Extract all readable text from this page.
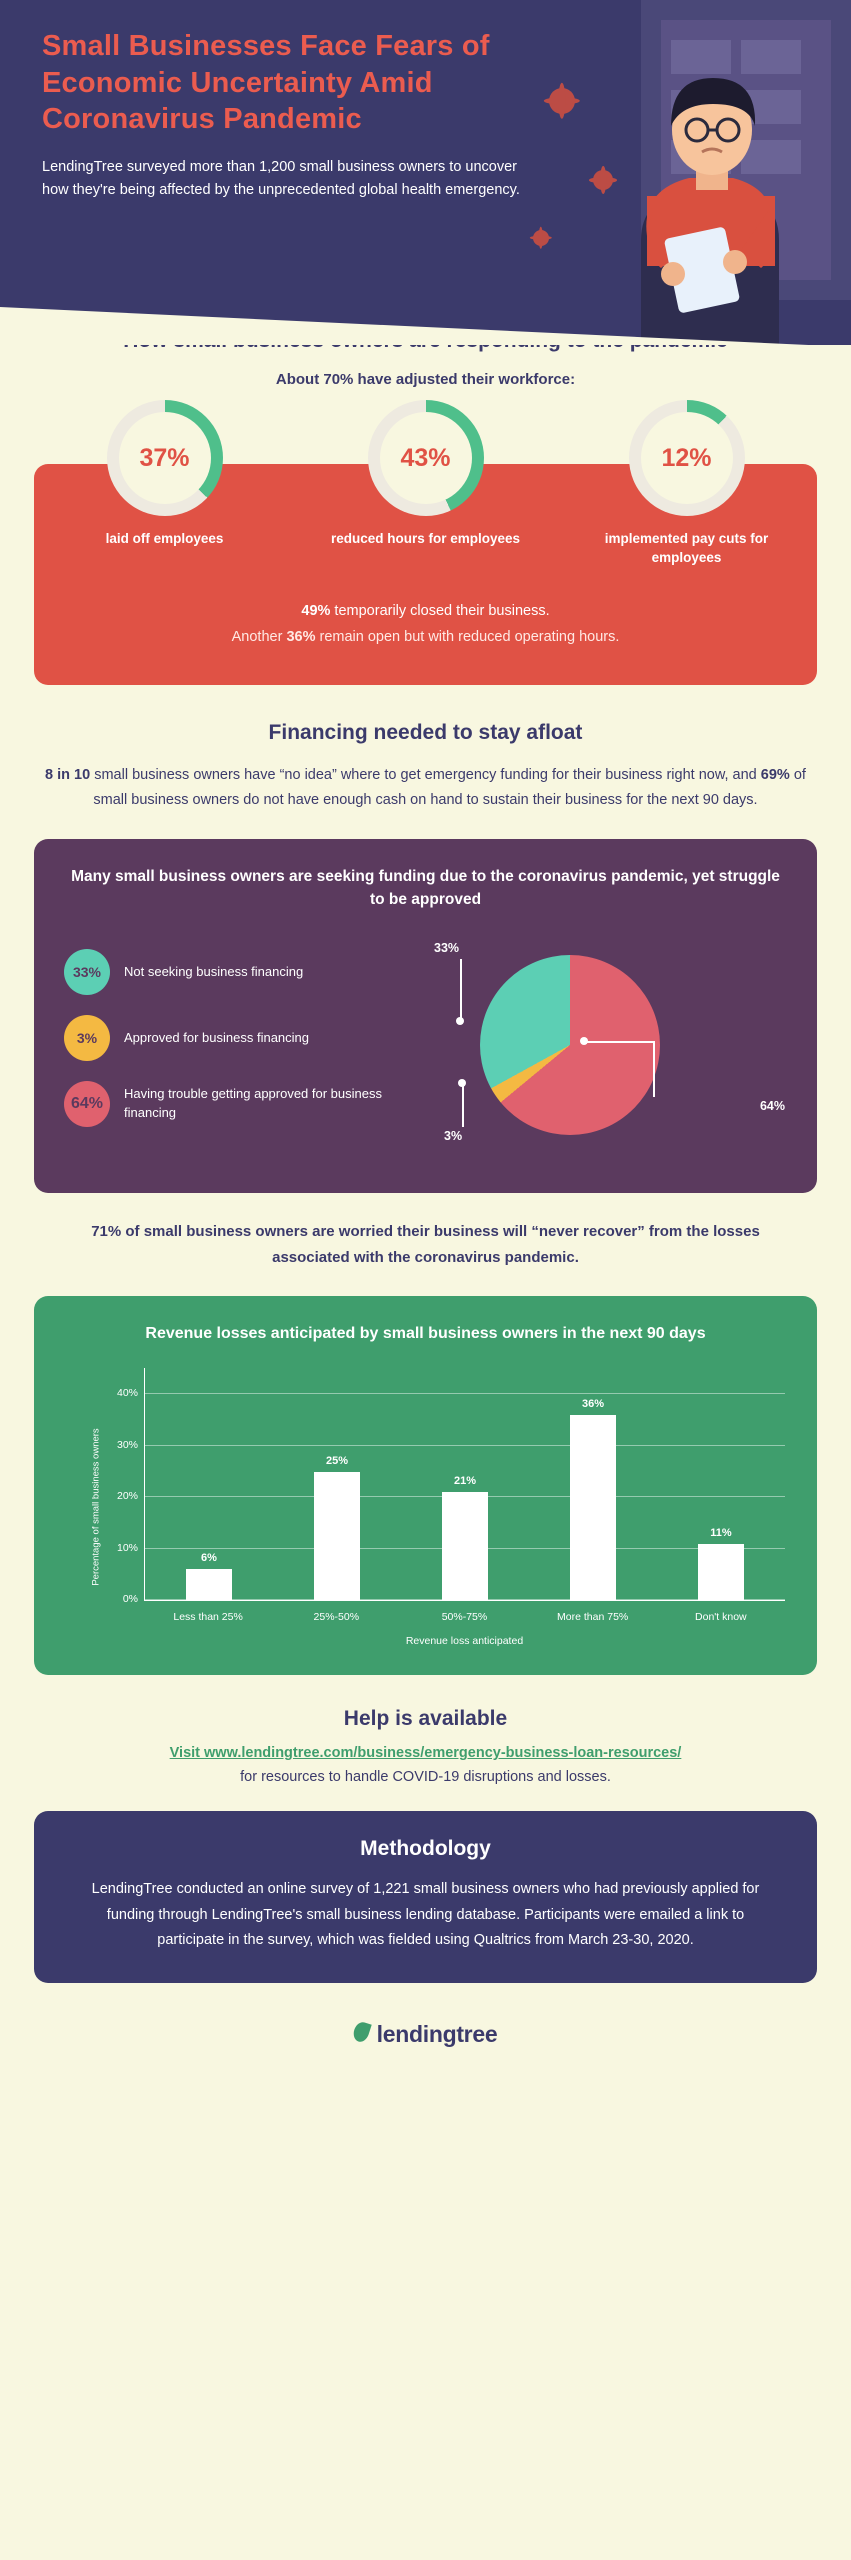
Small Businesses Face Fears of Economic Uncertainty Amid Coronavirus Pandemic
LendingTree surveyed more than 1,200 small business owners to uncover how they're being affected by the unprecedented global health emergency.
About 70% have adjusted their workforce:
37%
laid off employees
43%
reduced hours for employees
12%
implemented pay cuts for employees
49% temporarily closed their business.
Another 36% remain open but with reduced operating hours.
Financing needed to stay afloat
8 in 10 small business owners have “no idea” where to get emergency funding for their business right now, and 69% of small business owners do not have enough cash on hand to sustain their business for the next 90 days.
Many small business owners are seeking funding due to the coronavirus pandemic, yet struggle to be approved
33%	Not seeking business financing
3%	Approved for business financing
64%
Having trouble getting approved for business financing
33%
3%
64%
71% of small business owners are worried their business will “never recover” from the losses associated with the coronavirus pandemic.
Revenue losses anticipated by small business owners in the next 90 days
Percentage of small business owners
0%
10%
20%
30%
40%
6%
25%
21%
36%
11%
Less than 25%	25%-50%	50%-75%	More than 75%	Don't know
Revenue loss anticipated
Help is available
Visit www.lendingtree.com/business/emergency-business-loan-resources/
for resources to handle COVID-19 disruptions and losses.
Methodology
LendingTree conducted an online survey of 1,221 small business owners who had previously applied for funding through LendingTree's small business lending database. Participants were emailed a link to participate in the survey, which was fielded using Qualtrics from March 23-30, 2020.
lendingtree
